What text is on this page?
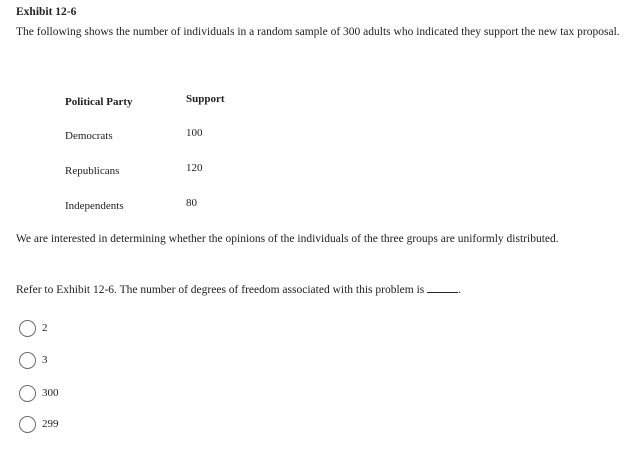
Exhibit 12-6
The following shows the number of individuals in a random sample of 300 adults who indicated they support the new tax proposal.
Political Party	Support
Democrats	100
Republicans	120
Independents	80
We are interested in determining whether the opinions of the individuals of the three groups are uniformly distributed.
Refer to Exhibit 12-6. The number of degrees of freedom associated with this problem is	.
2
3
300
299
